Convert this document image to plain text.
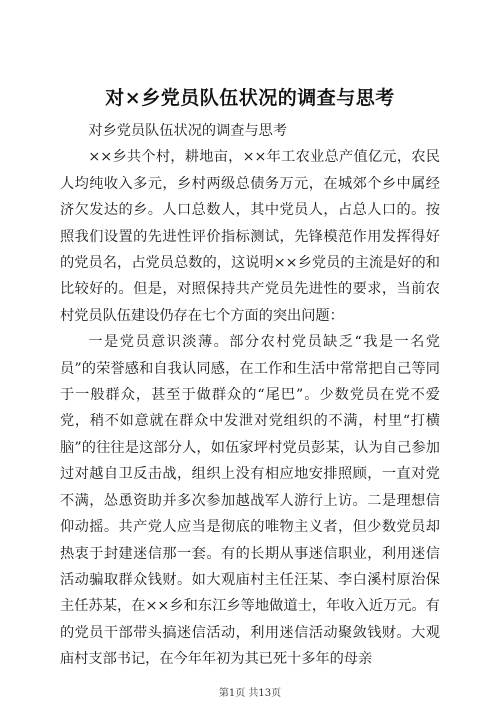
对×乡党员队伍状况的调查与思考

对乡党员队伍状况的调查与思考

××乡共个村，耕地亩，××年工农业总产值亿元，农民人均纯收入多元，乡村两级总债务万元，在城郊个乡中属经济欠发达的乡。人口总数人，其中党员人，占总人口的。按照我们设置的先进性评价指标测试，先锋模范作用发挥得好的党员名，占党员总数的，这说明××乡党员的主流是好的和比较好的。但是，对照保持共产党员先进性的要求，当前农村党员队伍建设仍存在七个方面的突出问题：

一是党员意识淡薄。部分农村党员缺乏“我是一名党员”的荣誉感和自我认同感，在工作和生活中常常把自己等同于一般群众，甚至于做群众的“尾巴”。少数党员在党不爱党，稍不如意就在群众中发泄对党组织的不满，村里“打横脑”的往往是这部分人，如伍家坪村党员彭某，认为自己参加过对越自卫反击战，组织上没有相应地安排照顾，一直对党不满，怂恿资助并多次参加越战军人游行上访。二是理想信仰动摇。共产党人应当是彻底的唯物主义者，但少数党员却热衷于封建迷信那一套。有的长期从事迷信职业，利用迷信活动骗取群众钱财。如大观庙村主任汪某、李白溪村原治保主任苏某，在××乡和东江乡等地做道士，年收入近万元。有的党员干部带头搞迷信活动，利用迷信活动聚敛钱财。大观庙村支部书记，在今年年初为其已死十多年的母亲

第1页 共13页
